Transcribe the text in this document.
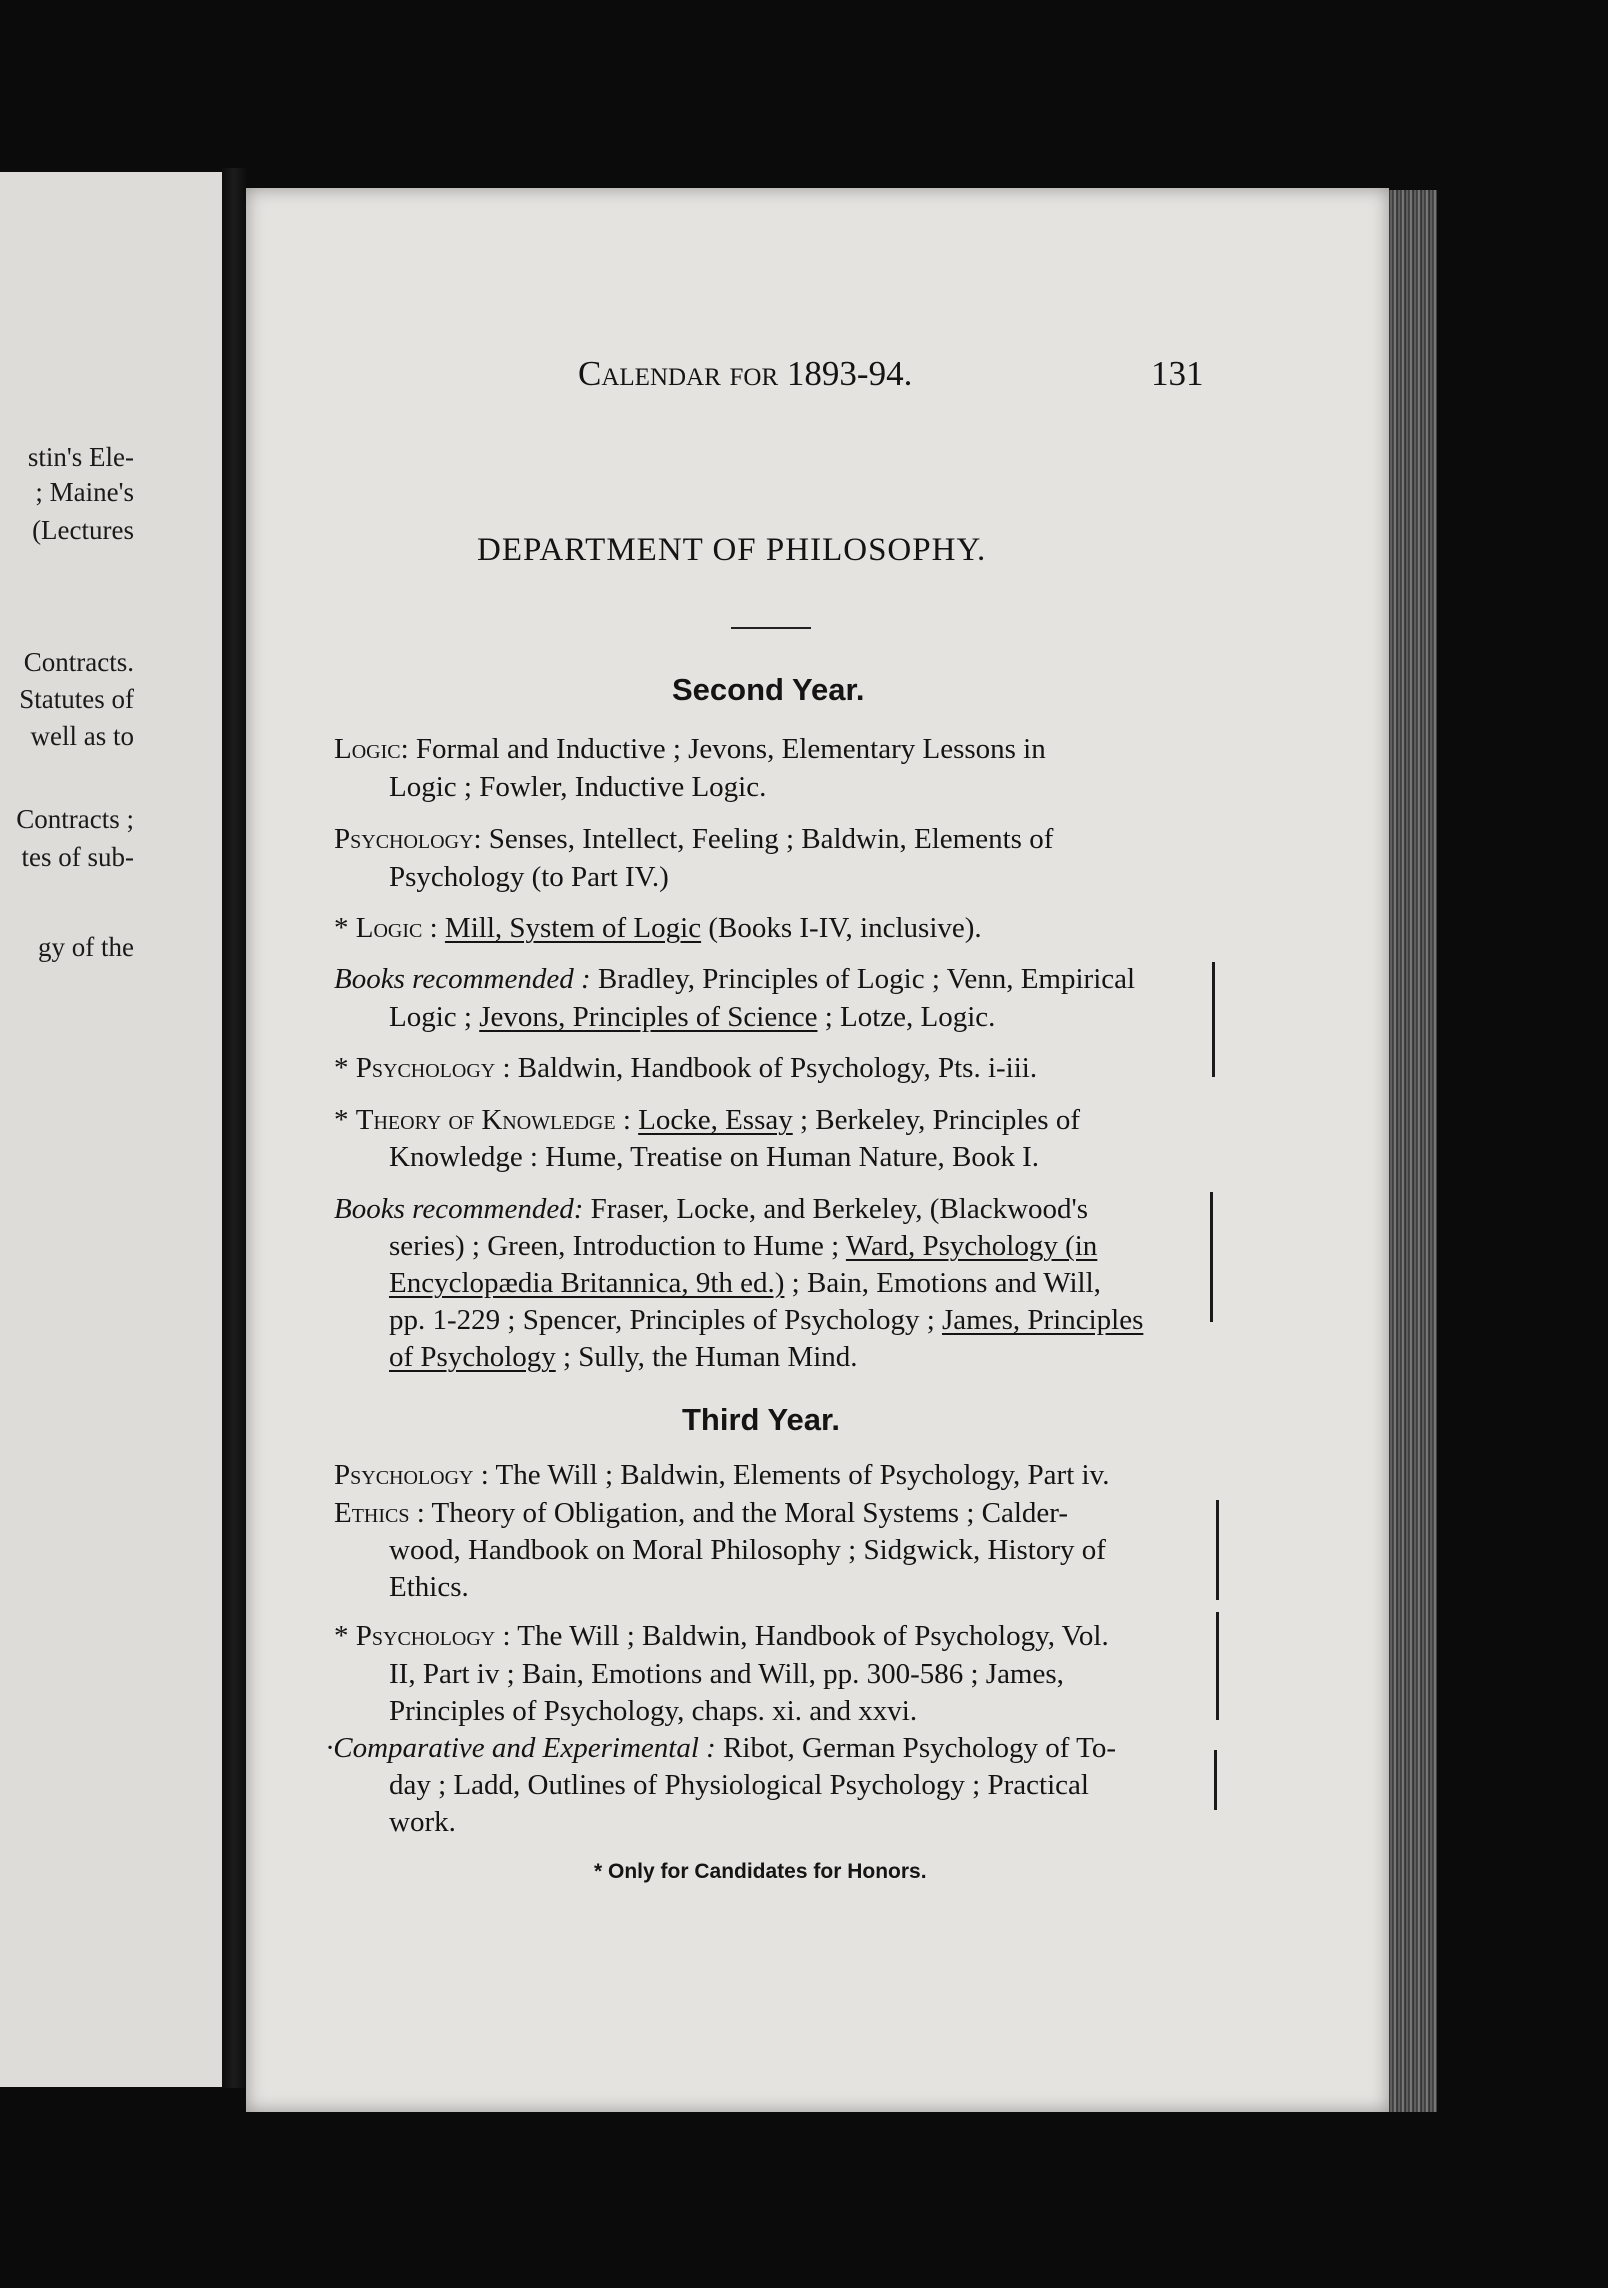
stin's Ele-
; Maine's
(Lectures
Contracts.
Statutes of
well as to
Contracts ;
tes of sub-
gy of the
Calendar for 1893-94.	131
DEPARTMENT OF PHILOSOPHY.
Second Year.
Logic: Formal and Inductive ; Jevons, Elementary Lessons in
Logic ; Fowler, Inductive Logic.
Psychology: Senses, Intellect, Feeling ; Baldwin, Elements of
Psychology (to Part IV.)
* Logic : Mill, System of Logic (Books I-IV, inclusive).
Books recommended : Bradley, Principles of Logic ; Venn, Empirical
Logic ; Jevons, Principles of Science ; Lotze, Logic.
* Psychology : Baldwin, Handbook of Psychology, Pts. i-iii.
* Theory of Knowledge : Locke, Essay ; Berkeley, Principles of
Knowledge : Hume, Treatise on Human Nature, Book I.
Books recommended: Fraser, Locke, and Berkeley, (Blackwood's
series) ; Green, Introduction to Hume ; Ward, Psychology (in
Encyclopædia Britannica, 9th ed.) ; Bain, Emotions and Will,
pp. 1-229 ; Spencer, Principles of Psychology ; James, Principles
of Psychology ; Sully, the Human Mind.
Third Year.
Psychology : The Will ; Baldwin, Elements of Psychology, Part iv.
Ethics : Theory of Obligation, and the Moral Systems ; Calder-
wood, Handbook on Moral Philosophy ; Sidgwick, History of
Ethics.
* Psychology : The Will ; Baldwin, Handbook of Psychology, Vol.
II, Part iv ; Bain, Emotions and Will, pp. 300-586 ; James,
Principles of Psychology, chaps. xi. and xxvi.
·Comparative and Experimental : Ribot, German Psychology of To-
day ; Ladd, Outlines of Physiological Psychology ; Practical
work.
* Only for Candidates for Honors.
